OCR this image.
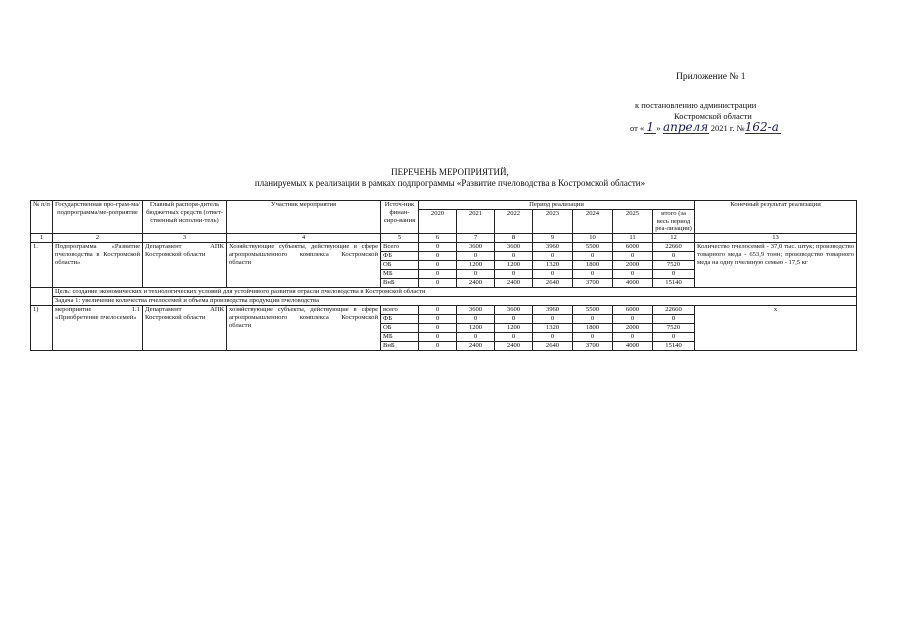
Приложение № 1
к постановлению администрации
Костромской области
от « 1 » апреля 2021 г. №162-а
ПЕРЕЧЕНЬ МЕРОПРИЯТИЙ,
планируемых к реализации в рамках подпрограммы «Развитие пчеловодства в Костромской области»
№ п/п	Государственная про-грам-ма/подпрограмма/ме-роприятие	Главный распоря-дитель бюджетных средств (ответ-ственный исполни-тель)	Участник мероприятия	Источ-ник финан-сиро-вания	Период реализации							Конечный результат реализации
					2020	2021	2022	2023	2024	2025	итого (за весь период реа-лизации)	
1	2	3	4	5	6	7	8	9	10	11	12	13
1.	Подпрограмма «Развитие пчеловодства в Костромской области»	Департамент АПК Костромской области	Хозяйствующие субъекты, действующие в сфере агропромышленного комплекса Костромской области	Всего	0	3600	3600	3960	5500	6000	22660	Количество пчелосемей - 37,0 тыс. штук; производство товарного меда - 653,9 тонн; производство товарного меда на одну пчелиную семью - 17,5 кг
				ФБ	0	0	0	0	0	0	0	
				ОБ	0	1200	1200	1320	1800	2000	7520	
				МБ	0	0	0	0	0	0	0	
				ВнБ	0	2400	2400	2640	3700	4000	15140	
	Цель: создание экономических и технологических условий для устойчивого развития отрасли пчеловодства в Костромской области											
	Задача 1: увеличение количества пчелосемей и объема производства продукции пчеловодства											
1)	мероприятие 1.1 «Приобретение пчелосемей»	Департамент АПК Костромской области	хозяйствующие субъекты, действующие в сфере агропромышленного комплекса Костромской области	всего	0	3600	3600	3960	5500	6000	22660	х
				ФБ	0	0	0	0	0	0	0	
				ОБ	0	1200	1200	1320	1800	2000	7520	
				МБ	0	0	0	0	0	0	0	
				ВнБ	0	2400	2400	2640	3700	4000	15140	
